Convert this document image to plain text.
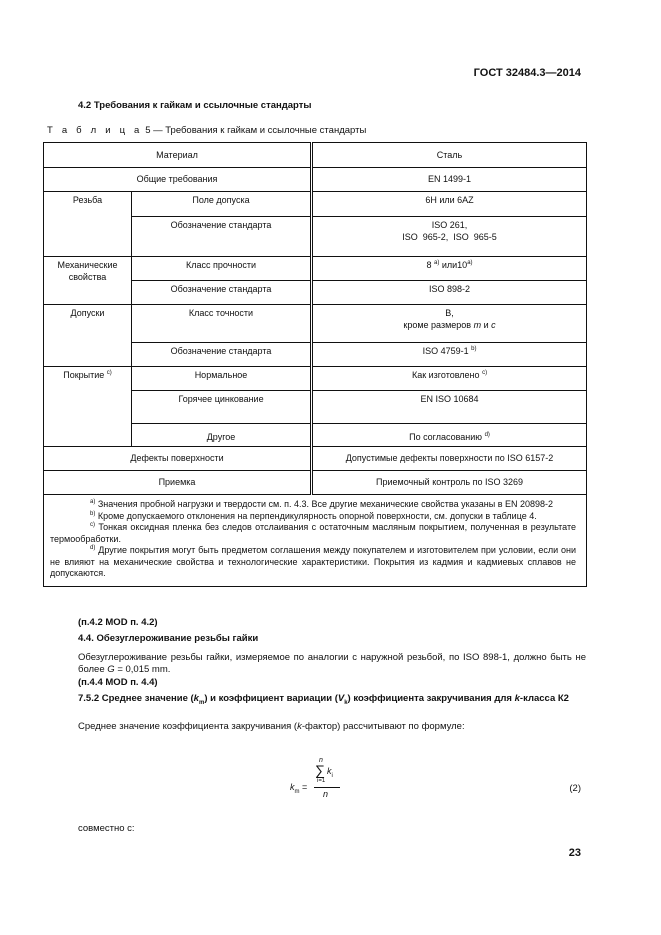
ГОСТ 32484.3—2014
4.2 Требования к гайкам и ссылочные стандарты
Т а б л и ц а 5 — Требования к гайкам и ссылочные стандарты
Материал		Сталь
Общие требования		EN 1499-1
Резьба	Поле допуска	6H или 6AZ
	Обозначение стандарта	ISO 261,
ISO  965-2,  ISO  965-5

Механические свойства	Класс прочности	8 $^{a)}$ или10$^{a)}$
	Обозначение стандарта	ISO 898-2
Допуски	Класс точности	B,
кроме размеров m и c

	Обозначение стандарта	ISO 4759-1 $^{b)}$
Покрытие $^{c)}$	Нормальное	Как изготовлено $^{c)}$
	Горячее цинкование	EN ISO 10684
	Другое	По согласованию $^{d)}$
Дефекты поверхности		Допустимые дефекты поверхности по ISO 6157-2
Приемка		Приемочный контроль по ISO 3269

$^{a)}$ Значения пробной нагрузки и твердости см. п. 4.3. Все другие механические свойства указаны в EN 20898-2
$^{b)}$ Кроме допускаемого отклонения на перпендикулярность опорной поверхности, см. допуски в таблице 4.
$^{c)}$ Тонкая оксидная пленка без следов отслаивания с остаточным масляным покрытием, полученная в результате термообработки.
$^{d)}$ Другие покрытия могут быть предметом соглашения между покупателем и изготовителем при условии, если они не влияют на механические свойства и технологические характеристики. Покрытия из кадмия и кадмиевых сплавов не допускаются.		
(п.4.2 MOD п. 4.2)
4.4. Обезуглероживание резьбы гайки
Обезуглероживание резьбы гайки, измеряемое по аналогии с наружной резьбой, по ISO 898-1, должно быть не более G = 0,015 mm.
(п.4.4 MOD п. 4.4)
7.5.2 Среднее значение $(k_m)$ и коэффициент вариации $(V_k)$ коэффициента закручивания для k-класса К2
Среднее значение коэффициента закручивания (k-фактор) рассчитывают по формуле:
$k_m$ =
n
∑ $k_i$
i=1
n	(2)
совместно с:
23
